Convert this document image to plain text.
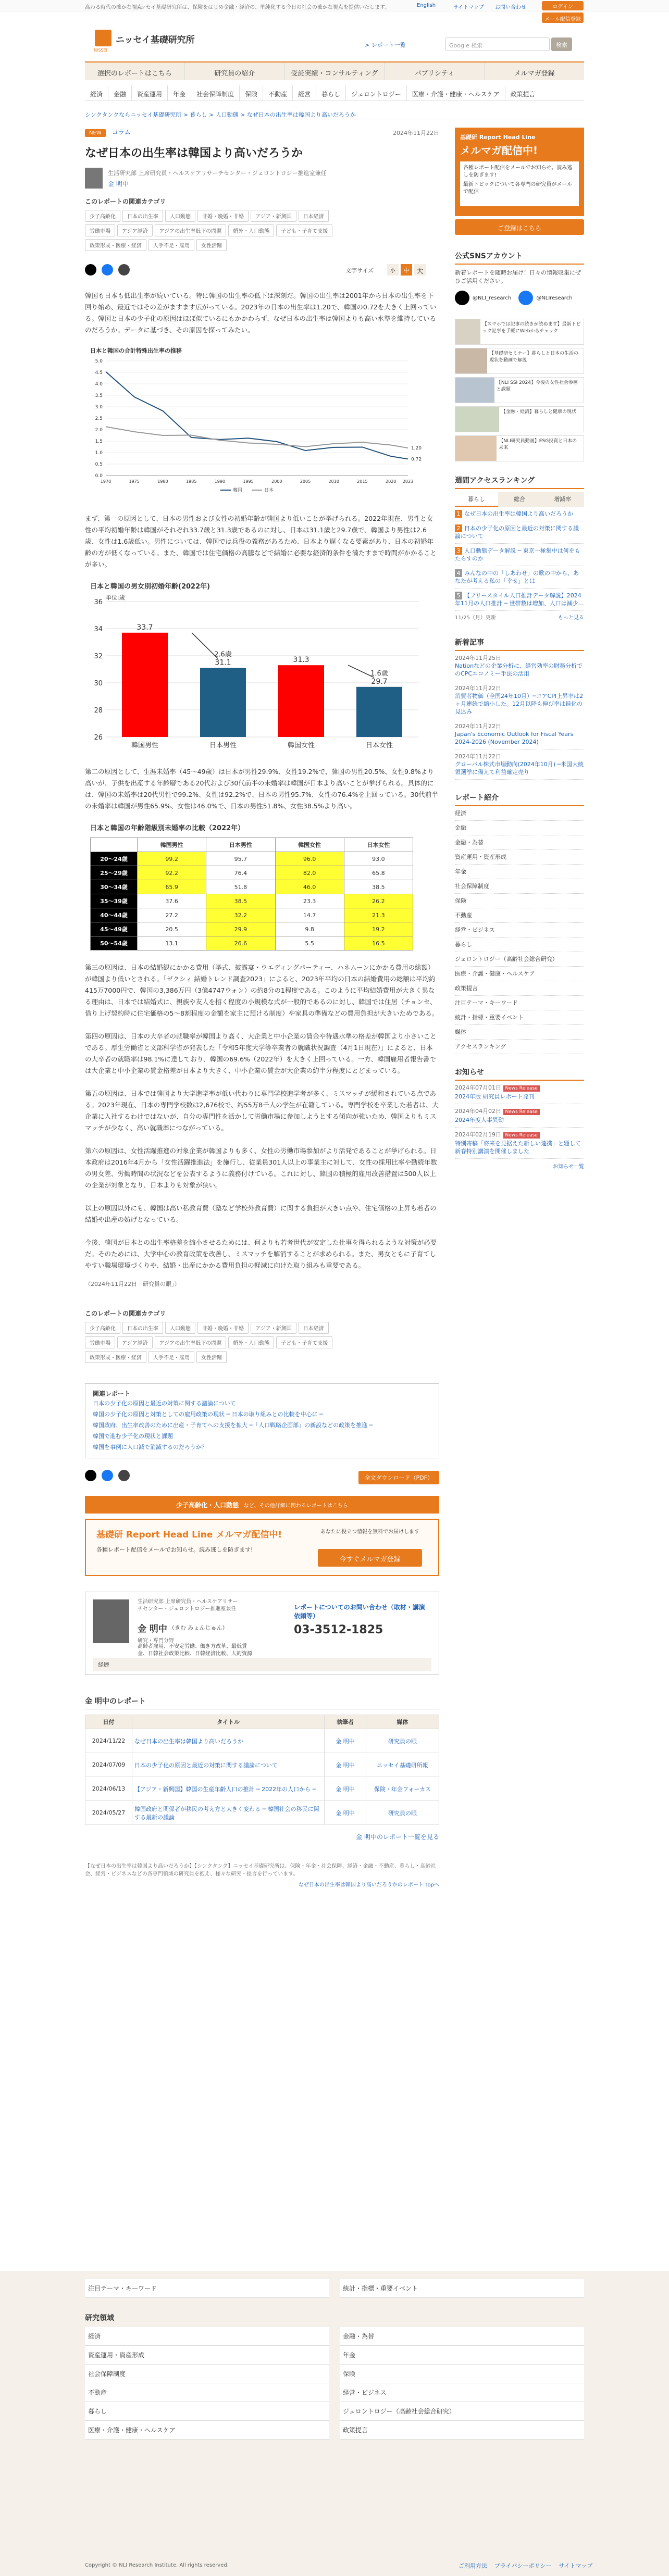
高わる時代の確かな視点
ニッセイ基礎研究所は、保険をはじめ金融・経済の、単純化する今日の社会の確かな視点を提供いたします。	English	サイトマップ お問い合わせ	ログイン
NISSEI
ニッセイ基礎研究所	> レポート一覧	Google 検索	検索
メール配信登録
選択のレポートはこちら	研究員の紹介	受託実績・コンサルティング	パブリシティ	メルマガ登録
経済	金融	資産運用	年金	社会保障制度	保険	不動産	経営	暮らし	ジェロントロジー	医療・介護・健康・ヘルスケア	政策提言
シンクタンクならニッセイ基礎研究所 > 暮らし > 人口動態 > なぜ日本の出生率は韓国より高いだろうか
NEW コラム	2024年11月22日
なぜ日本の出生率は韓国より高いだろうか
生活研究部 上席研究員・ヘルスケアリサーチセンター・ジェロントロジー推進室兼任
金 明中
このレポートの関連カテゴリ
少子高齢化 日本の出生率 人口動態 非婚・晩婚・非婚 アジア・新興国 日本経済労働市場 アジア経済 アジアの出生率低下の問題 婚外・人口動態 子ども・子育て支援政策形成・医療・経済 人手不足・雇用 女性活躍

文字サイズ	小	中	大

韓国も日本も低出生率が続いている。特に韓国の出生率の低下は深刻だ。韓国の出生率は2001年から日本の出生率を下回り始め、最近ではその差がますます広がっている。2023年の日本の出生率は1.20で、韓国の0.72を大きく上回っている。韓国と日本の少子化の原因はほぼ似ているにもかかわらず、なぜ日本の出生率は韓国よりも高い水準を維持しているのだろうか。データに基づき、その原因を探ってみたい。

日本と韓国の合計特殊出生率の推移
0.0
0.5
1.0
1.5
2.0
2.5
3.0
3.5
4.0
4.5
5.0
1970	1975	1980	1985	1990	1995	2000	2005	2010	2015	2020 2023
1.20
0.72
韓国	日本

まず、第一の原因として、日本の男性および女性の初婚年齢が韓国より低いことが挙げられる。2022年現在、男性と女性の平均初婚年齢は韓国がそれぞれ33.7歳と31.3歳であるのに対し、日本は31.1歳と29.7歳で、韓国より男性は2.6歳、女性は1.6歳低い。男性については、韓国では兵役の義務があるため、日本より遅くなる要素があり、日本の初婚年齢の方が低くなっている。また、韓国では住宅価格の高騰などで結婚に必要な経済的条件を満たすまで時間がかかることが多い。

日本と韓国の男女別初婚年齢(2022年)
単位:歳
26
28
30
32
34
36
33.7
韓国男性
31.1
日本男性
31.3
韓国女性
29.7
日本女性
2.6歳
1.6歳

第二の原因として、生涯未婚率（45～49歳）は日本が男性29.9%、女性19.2%で、韓国の男性20.5%、女性9.8%より高いが、子供を出産する年齢層である20代および30代前半の未婚率は韓国が日本より高いことが挙げられる。具体的には、韓国の未婚率は20代男性で99.2%、女性は92.2%で、日本の男性95.7%、女性の76.4%を上回っている。30代前半の未婚率は韓国が男性65.9%、女性は46.0%で、日本の男性51.8%、女性38.5%より高い。

日本と韓国の年齢階級別未婚率の比較（2022年）
	韓国男性	日本男性	韓国女性	日本女性
20～24歳	99.2	95.7	96.0	93.0
25～29歳	92.2	76.4	82.0	65.8
30～34歳	65.9	51.8	46.0	38.5
35～39歳	37.6	38.5	23.3	26.2
40～44歳	27.2	32.2	14.7	21.3
45～49歳	20.5	29.9	9.8	19.2
50～54歳	13.1	26.6	5.5	16.5

第三の原因は、日本の結婚観にかかる費用（挙式、披露宴・ウエディングパーティー、ハネムーンにかかる費用の総額）が韓国より低いとされる。「ゼクシィ 結婚トレンド調査2023」によると、2023年平均の日本の結婚費用の総額は平均約415万7000円で、韓国の3,386万円（3億4747ウォン）の約8分の1程度である。このように平均結婚費用が大きく異なる理由は、日本では結婚式に、親族や友人を招く程度の小規模な式が一般的であるのに対し、韓国では住居（チョンセ、借り上げ契約時に住宅価格の5～8割程度の金額を家主に預ける制度）や家具の準備などの費用負担が大きいためである。

第四の原因は、日本の大卒者の就職率が韓国より高く、大企業と中小企業の賃金や待遇水準の格差が韓国より小さいことである。厚生労働省と文部科学省が発表した「令和5年度大学等卒業者の就職状況調査（4月1日現在）」によると、日本の大卒者の就職率は98.1%に達しており、韓国の69.6%（2022年）を大きく上回っている。一方、韓国雇用者報告書では大企業と中小企業の賃金格差が日本より大きく、中小企業の賃金が大企業の約半分程度にとどまっている。

第五の原因は、日本では韓国より大学進学率が低い代わりに専門学校進学者が多く、ミスマッチが緩和されている点である。2023年現在、日本の専門学校数は2,676校で、約55万8千人の学生が在籍している。専門学校を卒業した若者は、大企業に入社するわけではないが、自分の専門性を活かして労働市場に参加しようとする傾向が強いため、韓国よりもミスマッチが少なく、高い就職率につながっている。

第六の原因は、女性活躍推進の対象企業が韓国よりも多く、女性の労働市場参加がより活発であることが挙げられる。日本政府は2016年4月から「女性活躍推進法」を施行し、従業員301人以上の事業主に対して、女性の採用比率や勤続年数の男女差、労働時間の状況などを公表するように義務付けている。これに対し、韓国の積極的雇用改善措置は500人以上の企業が対象となり、日本よりも対象が狭い。

以上の原因以外にも、韓国は高い私教育費（塾など学校外教育費）に関する負担が大きい点や、住宅価格の上昇も若者の結婚や出産の妨げとなっている。

今後、韓国が日本との出生率格差を縮小させるためには、何よりも若者世代が安定した仕事を得られるような対策が必要だ。そのためには、大学中心の教育政策を改善し、ミスマッチを解消することが求められる。また、男女ともに子育てしやすい職場環境づくりや、結婚・出産にかかる費用負担の軽減に向けた取り組みも重要である。

（2024年11月22日「研究員の眼」）

このレポートの関連カテゴリ
少子高齢化 日本の出生率 人口動態 非婚・晩婚・非婚 アジア・新興国 日本経済労働市場 アジア経済 アジアの出生率低下の問題 婚外・人口動態 子ども・子育て支援政策形成・医療・経済 人手不足・雇用 女性活躍
関連レポート
日本の少子化の原因と最近の対策に関する議論について
韓国の少子化の原因と対策としての雇用政策の現状 ─ 日本の取り組みとの比較を中心に ─
韓国政府、出生率改善のために出産・子育てへの支援を拡大 ─「人口戦略企画部」の新設などの政策を推進 ─
韓国で進む少子化の現状と課題
韓国を事例に人口減で消滅するのだろうか？

全文ダウンロード（PDF）
少子高齢化・人口動態 など、その他詳細に関わるレポートはこちら
基礎研 Report Head Line メルマガ配信中!
各種レポート配信をメールでお知らせ。読み逃しを防ぎます!
あなたに役立つ情報を無料でお届けします
今すぐメルマガ登録
生活研究部 上席研究員・ヘルスケアリサーチセンター・ジェロントロジー推進室兼任
金 明中 （きむ みょんじゅん）
研究・専門分野
高齢者雇用、不安定労働、働き方改革、最低賃金、日韓社会政策比較、日韓経済比較、人的資源
レポートについてのお問い合わせ（取材・講演依頼等）
03-3512-1825
経歴
金 明中のレポート
日付	タイトル	執筆者	媒体
2024/11/22	なぜ日本の出生率は韓国より高いだろうか	金 明中	研究員の眼
2024/07/09	日本の少子化の原因と最近の対策に関する議論について	金 明中	ニッセイ基礎研所報
2024/06/13	【アジア・新興国】韓国の生産年齢人口の推計 ─ 2022年の人口から ─	金 明中	保険・年金フォーカス
2024/05/27	韓国政府と関係者が移民の考え方と大きく変わる ─ 韓国社会の移民に関する最新の議論	金 明中	研究員の眼
金 明中のレポート一覧を見る
【なぜ日本の出生率は韓国より高いだろうか】【シンクタンク】ニッセイ基礎研究所は、保険・年金・社会保障、経済・金融・不動産、暮らし・高齢社会、経営・ビジネスなどの各専門領域の研究員を抱え、様々な研究・提言を行っています。
なぜ日本の出生率は韓国より高いだろうかのレポート Topへ
基礎研 Report Head Line
メルマガ配信中!
各種レポート配信をメールでお知らせ。読み逃しを防ぎます!
最新トピックについて各専門の研究員がメールで配信
ご登録はこちら
公式SNSアカウント
新着レポートを随時お届け！日々の情報収集にぜひご活用ください。
@NLI_research	@NLIresearch
【スマホでは記事の続きが読めます】最新トピック記事を手軽にWebからチェック
【基礎研セミナー】暮らしと日本の生活の現状を動画で解説
【NLI SSI 2024】今後の女性社会参画と課題
【金融・経済】暮らしと健康の現状
【NLI研究員動画】ESG投資と日本の未来
週間アクセスランキング
暮らし	総合	増減率
1 なぜ日本の出生率は韓国より高いだろうか
2 日本の少子化の原因と最近の対策に関する議論について
3 人口動態データ解説 ─ 東京一極集中は何をもたらすのか
4 みんなの中の「しあわせ」の歌の中から、あなたが考える私の「幸せ」とは
5 【フリースタイル人口推計データ解説】2024年11月の人口推計 ─ 世帯数は増加、人口は減少…
11/25（月）更新	もっと見る
新着記事
2024年11月25日
Nationなどの企業分析に、経営効率の財務分析でのCPCエコノミー手法の活用
2024年11月22日
消費者物価（全国24年10月）─コアCPI上昇率は2ヶ月連続で縮小した。12月以降も伸び率は鈍化の見込み
2024年11月22日
Japan's Economic Outlook for Fiscal Years 2024-2026 (November 2024)
2024年11月22日
グローバル株式市場動向(2024年10月) ─米国大統領選挙に備えて利益確定売り
レポート紹介
経済
金融
金融・為替
資産運用・資産形成
年金
社会保障制度
保険
不動産
経営・ビジネス
暮らし
ジェロントロジー（高齢社会総合研究）
医療・介護・健康・ヘルスケア
政策提言
注目テーマ・キーワード
統計・指標・重要イベント
媒体
アクセスランキング
お知らせ
2024年07月01日 News Release
2024年版 研究員レポート発刊
2024年04月02日 News Release
2024年度人事異動
2024年02月19日 News Release
特別寄稿「将来を見据えた新しい連携」と題して新春特別講演を開催しました
お知らせ一覧
注目テーマ・キーワード	統計・指標・重要イベント
研究領域
経済	金融・為替
資産運用・資産形成	年金
社会保障制度	保険
不動産	経営・ビジネス
暮らし	ジェロントロジー（高齢社会総合研究）
医療・介護・健康・ヘルスケア	政策提言
Copyright © NLI Research Institute. All rights reserved.	ご利用方法 プライバシーポリシー サイトマップ
